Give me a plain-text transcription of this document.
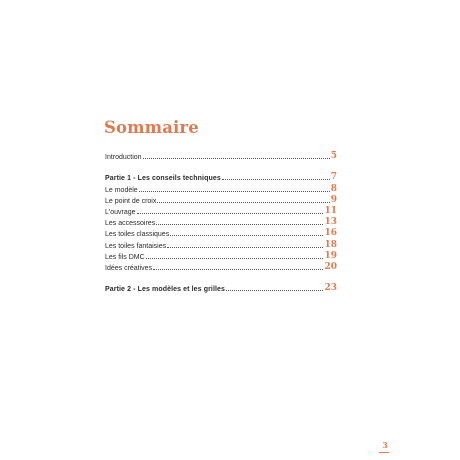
Sommaire
Introduction	5
Partie 1 - Les conseils techniques	7
Le modèle	8
Le point de croix	9
L'ouvrage	11
Les accessoires	13
Les toiles classiques	16
Les toiles fantaisies	18
Les fils DMC	19
Idées créatives	20
Partie 2 - Les modèles et les grilles	23
3
